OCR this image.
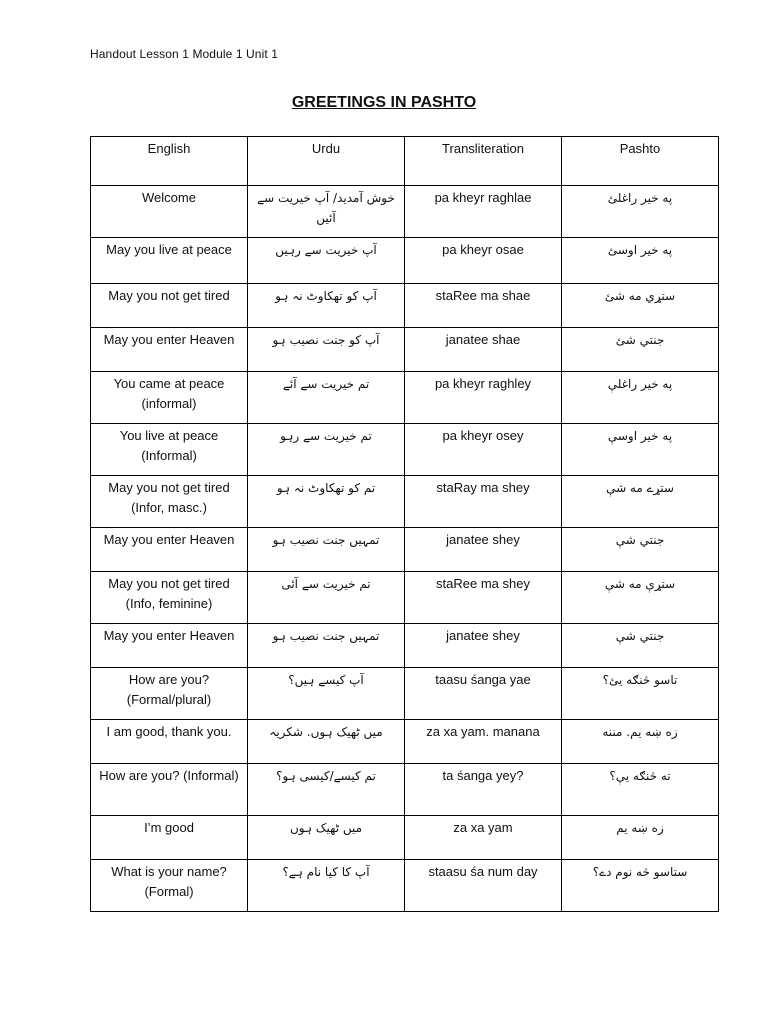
Handout Lesson 1 Module 1 Unit 1
GREETINGS IN PASHTO
English	Urdu	Transliteration	Pashto
Welcome	خوش آمدید/ آپ خیریت سے آئیں	pa kheyr raghlae	په خير راغلئ
May you live at peace	آپ خیریت سے رہیں	pa kheyr osae	په خير اوسئ
May you not get tired	آپ کو تھکاوٹ نہ ہو	staRee ma shae	ستړي مه شئ
May you enter Heaven	آپ کو جنت نصیب ہو	janatee shae	جنتي شئ
You came at peace (informal)	تم خیریت سے آئے	pa kheyr raghley	په خير راغلې
You live at peace (Informal)	تم خیریت سے رہو	pa kheyr osey	په خير اوسې
May you not get tired (Infor, masc.)	تم کو تھکاوٹ نہ ہو	staRay ma shey	ستړے مه شې
May you enter Heaven	تمہیں جنت نصیب ہو	janatee shey	جنتي شې
May you not get tired (Info, feminine)	تم خیریت سے آئی	staRee ma shey	ستړې مه شې
May you enter Heaven	تمہیں جنت نصیب ہو	janatee shey	جنتي شې
How are you? (Formal/plural)	آپ کیسے ہیں؟	taasu śanga yae	تاسو څنګه يئ؟
I am good, thank you.	میں ٹھیک ہوں. شکریہ	za xa yam. manana	زه ښه يم. مننه
How are you? (Informal)	تم کیسے/کیسی ہو؟	ta śanga yey?	ته څنګه يې؟
I’m good	میں ٹھیک ہوں	za xa yam	زه ښه يم
What is your name? (Formal)	آپ کا کیا نام ہے؟	staasu śa num day	ستاسو څه نوم دے؟
